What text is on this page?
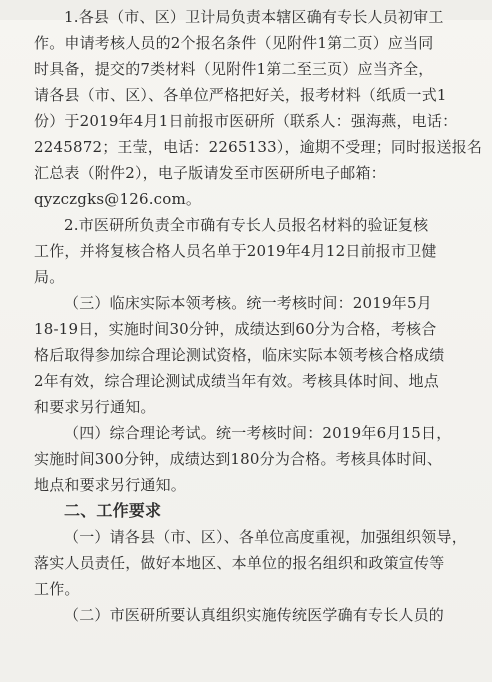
1.各县（市、区）卫计局负责本辖区确有专长人员初审工
作。申请考核人员的2个报名条件（见附件1第二页）应当同
时具备，提交的7类材料（见附件1第二至三页）应当齐全，
请各县（市、区）、各单位严格把好关，报考材料（纸质一式1
份）于2019年4月1日前报市医研所（联系人：强海燕，电话：
2245872；王莹，电话：2265133），逾期不受理；同时报送报名
汇总表（附件2），电子版请发至市医研所电子邮箱：
qyzczgks@126.com。
2.市医研所负责全市确有专长人员报名材料的验证复核
工作，并将复核合格人员名单于2019年4月12日前报市卫健
局。
（三）临床实际本领考核。统一考核时间：2019年5月
18-19日，实施时间30分钟，成绩达到60分为合格，考核合
格后取得参加综合理论测试资格，临床实际本领考核合格成绩
2年有效，综合理论测试成绩当年有效。考核具体时间、地点
和要求另行通知。
（四）综合理论考试。统一考核时间：2019年6月15日，
实施时间300分钟，成绩达到180分为合格。考核具体时间、
地点和要求另行通知。
二、工作要求
（一）请各县（市、区）、各单位高度重视，加强组织领导，
落实人员责任，做好本地区、本单位的报名组织和政策宣传等
工作。
（二）市医研所要认真组织实施传统医学确有专长人员的
